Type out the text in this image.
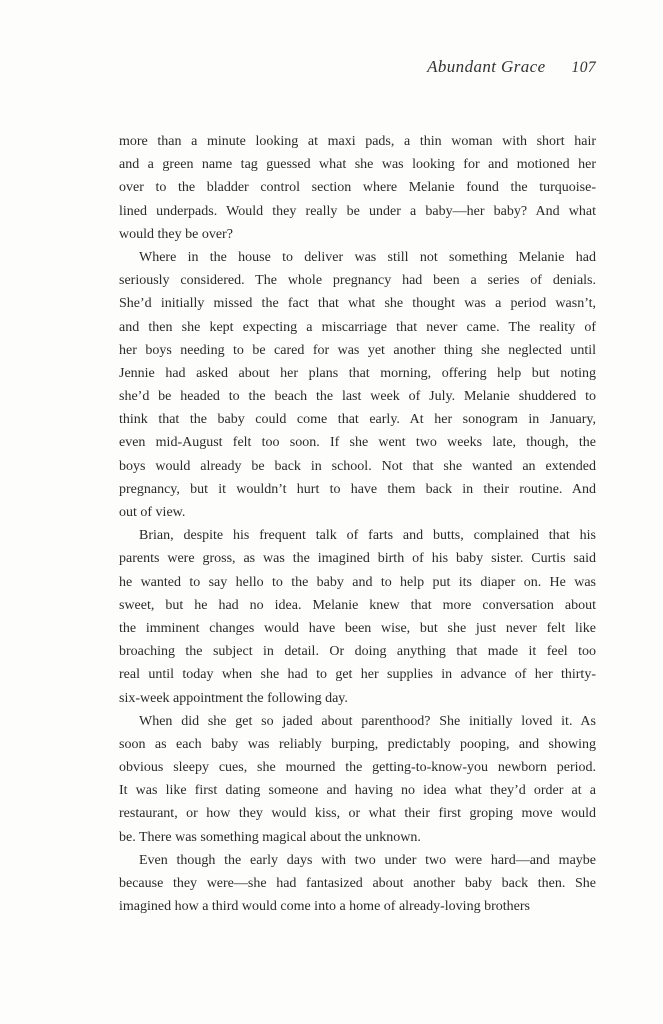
Abundant Grace 107
more than a minute looking at maxi pads, a thin woman with short hair
and a green name tag guessed what she was looking for and motioned her
over to the bladder control section where Melanie found the turquoise-
lined underpads. Would they really be under a baby—her baby? And what
would they be over?
Where in the house to deliver was still not something Melanie had
seriously considered. The whole pregnancy had been a series of denials.
She’d initially missed the fact that what she thought was a period wasn’t,
and then she kept expecting a miscarriage that never came. The reality of
her boys needing to be cared for was yet another thing she neglected until
Jennie had asked about her plans that morning, offering help but noting
she’d be headed to the beach the last week of July. Melanie shuddered to
think that the baby could come that early. At her sonogram in January,
even mid-August felt too soon. If she went two weeks late, though, the
boys would already be back in school. Not that she wanted an extended
pregnancy, but it wouldn’t hurt to have them back in their routine. And
out of view.
Brian, despite his frequent talk of farts and butts, complained that his
parents were gross, as was the imagined birth of his baby sister. Curtis said
he wanted to say hello to the baby and to help put its diaper on. He was
sweet, but he had no idea. Melanie knew that more conversation about
the imminent changes would have been wise, but she just never felt like
broaching the subject in detail. Or doing anything that made it feel too
real until today when she had to get her supplies in advance of her thirty-
six-week appointment the following day.
When did she get so jaded about parenthood? She initially loved it. As
soon as each baby was reliably burping, predictably pooping, and showing
obvious sleepy cues, she mourned the getting-to-know-you newborn period.
It was like first dating someone and having no idea what they’d order at a
restaurant, or how they would kiss, or what their first groping move would
be. There was something magical about the unknown.
Even though the early days with two under two were hard—and maybe
because they were—she had fantasized about another baby back then. She
imagined how a third would come into a home of already-loving brothers
